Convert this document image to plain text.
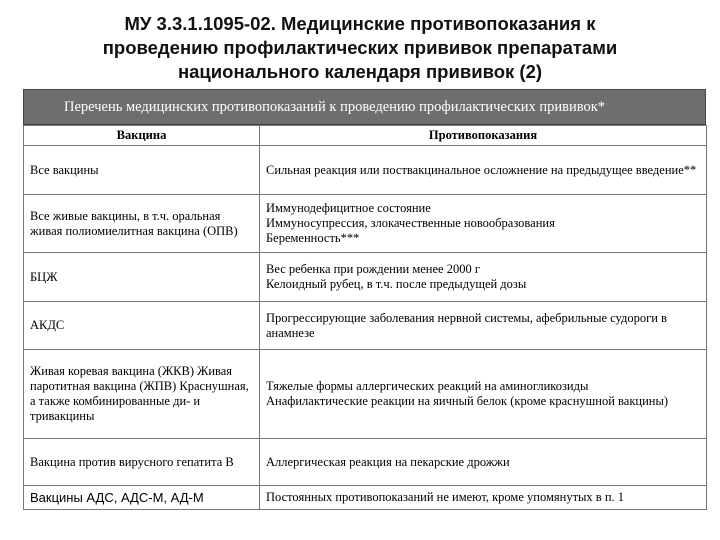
МУ 3.3.1.1095-02. Медицинские противопоказания к
проведению профилактических прививок препаратами
национального календаря прививок (2)
Перечень медицинских противопоказаний к проведению профилактических прививок*
Вакцина	Противопоказания
Все вакцины	Сильная реакция или поствакцинальное осложнение на предыдущее введение**
Все живые вакцины, в т.ч. оральная живая полиомиелитная вакцина (ОПВ)	Иммунодефицитное состояние
Иммуносупрессия, злокачественные новообразования
Беременность***

БЦЖ	Вес ребенка при рождении менее 2000 г
Келоидный рубец, в т.ч. после предыдущей дозы

АКДС	Прогрессирующие заболевания нервной системы, афебрильные судороги в анамнезе
Живая коревая вакцина (ЖКВ) Живая паротитная вакцина (ЖПВ) Краснушная, а также комбинированные ди- и тривакцины	Тяжелые формы аллергических реакций на аминогликозиды
Анафилактические реакции на яичный белок (кроме краснушной вакцины)

Вакцина против вирусного гепатита В	Аллергическая реакция на пекарские дрожжи
Вакцины АДС, АДС-М, АД-М	Постоянных противопоказаний не имеют, кроме упомянутых в п. 1
